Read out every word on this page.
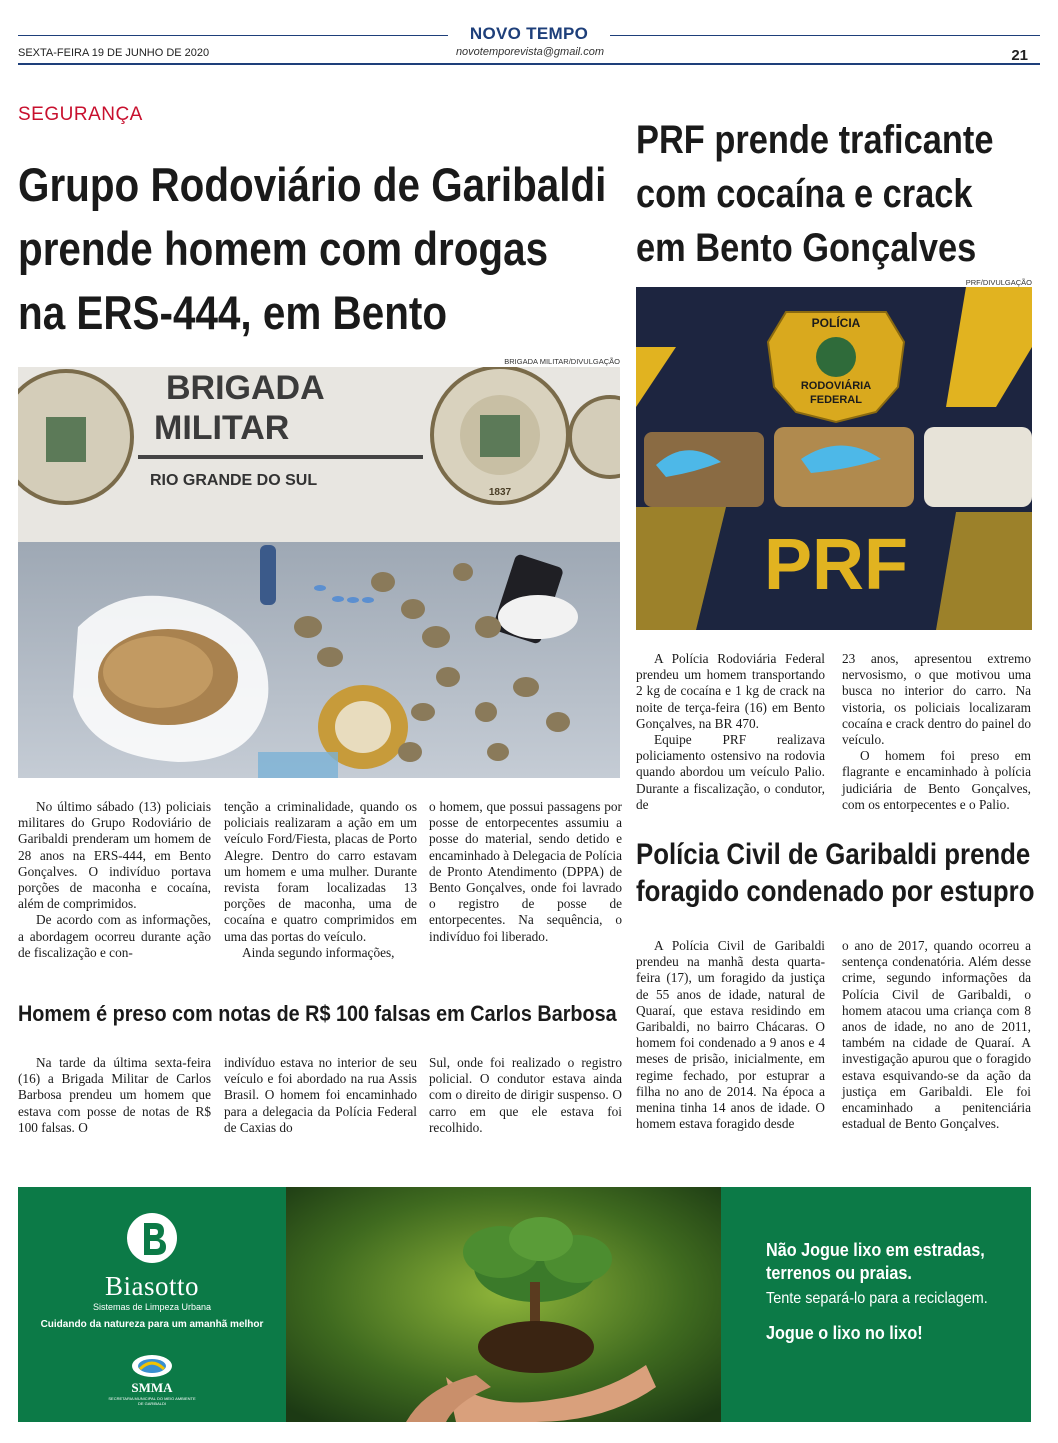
NOVO TEMPO
SEXTA-FEIRA 19 DE JUNHO DE 2020	novotemporevista@gmail.com	21
SEGURANÇA
Grupo Rodoviário de Garibaldi
prende homem com drogas
na ERS-444, em Bento
BRIGADA MILITAR/DIVULGAÇÃO
BRIGADA
MILITAR
RIO GRANDE DO SUL
1837

No último sábado (13) policiais militares do Grupo Rodoviário de Garibaldi prenderam um homem de 28 anos na ERS-444, em Bento Gonçalves. O indivíduo portava porções de maconha e cocaína, além de comprimidos.

De acordo com as informações, a abordagem ocorreu durante ação de fiscalização e con-

tenção a criminalidade, quando os policiais realizaram a ação em um veículo Ford/Fiesta, placas de Porto Alegre. Dentro do carro estavam um homem e uma mulher. Durante revista foram localizadas 13 porções de maconha, uma de cocaína e quatro comprimidos em uma das portas do veículo.

Ainda segundo informações,

o homem, que possui passagens por posse de entorpecentes assumiu a posse do material, sendo detido e encaminhado à Delegacia de Polícia de Pronto Atendimento (DPPA) de Bento Gonçalves, onde foi lavrado o registro de posse de entorpecentes. Na sequência, o indivíduo foi liberado.

Homem é preso com notas de R$ 100 falsas em Carlos Barbosa

Na tarde da última sexta-feira (16) a Brigada Militar de Carlos Barbosa prendeu um homem que estava com posse de notas de R$ 100 falsas. O

indivíduo estava no interior de seu veículo e foi abordado na rua Assis Brasil. O homem foi encaminhado para a delegacia da Polícia Federal de Caxias do

Sul, onde foi realizado o registro policial. O condutor estava ainda com o direito de dirigir suspenso. O carro em que ele estava foi recolhido.

PRF prende traficante
com cocaína e crack
em Bento Gonçalves
PRF/DIVULGAÇÃO
POLÍCIA
RODOVIÁRIA
FEDERAL
PRF

A Polícia Rodoviária Federal prendeu um homem transportando 2 kg de cocaína e 1 kg de crack na noite de terça-feira (16) em Bento Gonçalves, na BR 470.

Equipe PRF realizava policiamento ostensivo na rodovia quando abordou um veículo Palio. Durante a fiscalização, o condutor, de

23 anos, apresentou extremo nervosismo, o que motivou uma busca no interior do carro. Na vistoria, os policiais localizaram cocaína e crack dentro do painel do veículo.

O homem foi preso em flagrante e encaminhado à polícia judiciária de Bento Gonçalves, com os entorpecentes e o Palio.

Polícia Civil de Garibaldi prende
foragido condenado por estupro

A Polícia Civil de Garibaldi prendeu na manhã desta quarta-feira (17), um foragido da justiça de 55 anos de idade, natural de Quaraí, que estava residindo em Garibaldi, no bairro Chácaras. O homem foi condenado a 9 anos e 4 meses de prisão, inicialmente, em regime fechado, por estuprar a filha no ano de 2014. Na época a menina tinha 14 anos de idade. O homem estava foragido desde

o ano de 2017, quando ocorreu a sentença condenatória. Além desse crime, segundo informações da Polícia Civil de Garibaldi, o homem atacou uma criança com 8 anos de idade, no ano de 2011, também na cidade de Quaraí. A investigação apurou que o foragido estava esquivando-se da ação da justiça em Garibaldi. Ele foi encaminhado a penitenciária estadual de Bento Gonçalves.

Biasotto
Sistemas de Limpeza Urbana
Cuidando da natureza para um amanhã melhor
SMMA
SECRETARIA MUNICIPAL DO MEIO AMBIENTE DE GARIBALDI
Não Jogue lixo em estradas,
terrenos ou praias.
Tente separá-lo para a reciclagem.
Jogue o lixo no lixo!
